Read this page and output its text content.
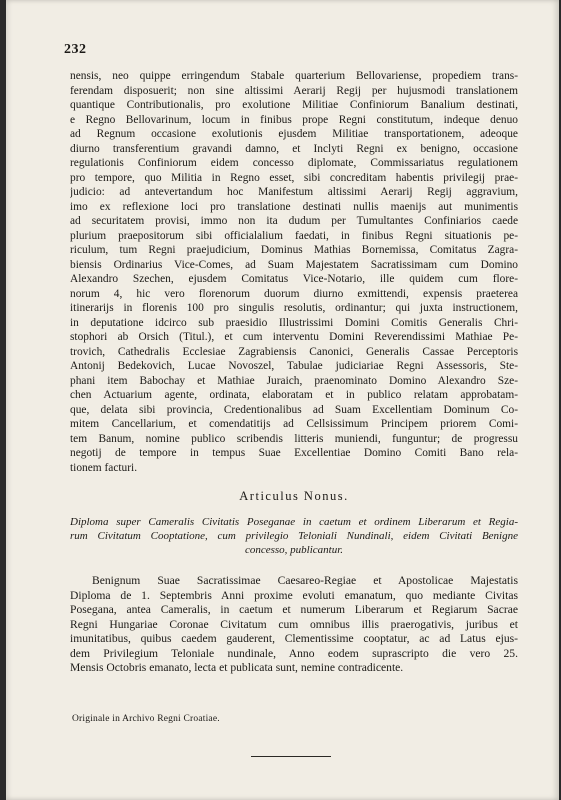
232
nensis, neo quippe erringendum Stabale quarterium Bellovariense, propediem trans-
ferendam disposuerit; non sine altissimi Aerarij Regij per hujusmodi translationem
quantique Contributionalis, pro exolutione Militiae Confiniorum Banalium destinati,
e Regno Bellovarinum, locum in finibus prope Regni constitutum, indeque denuo
ad Regnum occasione exolutionis ejusdem Militiae transportationem, adeoque
diurno transferentium gravandi damno, et Inclyti Regni ex benigno, occasione
regulationis Confiniorum eidem concesso diplomate, Commissariatus regulationem
pro tempore, quo Militia in Regno esset, sibi concreditam habentis privilegij prae-
judicio: ad antevertandum hoc Manifestum altissimi Aerarij Regij aggravium,
imo ex reflexione loci pro translatione destinati nullis maenijs aut munimentis
ad securitatem provisi, immo non ita dudum per Tumultantes Confiniarios caede
plurium praepositorum sibi officialalium faedati, in finibus Regni situationis pe-
riculum, tum Regni praejudicium, Dominus Mathias Bornemissa, Comitatus Zagra-
biensis Ordinarius Vice-Comes, ad Suam Majestatem Sacratissimam cum Domino
Alexandro Szechen, ejusdem Comitatus Vice-Notario, ille quidem cum flore-
norum 4, hic vero florenorum duorum diurno exmittendi, expensis praeterea
itinerarijs in florenis 100 pro singulis resolutis, ordinantur; qui juxta instructionem,
in deputatione idcirco sub praesidio Illustrissimi Domini Comitis Generalis Chri-
stophori ab Orsich (Titul.), et cum interventu Domini Reverendissimi Mathiae Pe-
trovich, Cathedralis Ecclesiae Zagrabiensis Canonici, Generalis Cassae Perceptoris
Antonij Bedekovich, Lucae Novoszel, Tabulae judiciariae Regni Assessoris, Ste-
phani item Babochay et Mathiae Juraich, praenominato Domino Alexandro Sze-
chen Actuarium agente, ordinata, elaboratam et in publico relatam approbatam-
que, delata sibi provincia, Credentionalibus ad Suam Excellentiam Dominum Co-
mitem Cancellarium, et comendatitijs ad Cellsissimum Principem priorem Comi-
tem Banum, nomine publico scribendis litteris muniendi, funguntur; de progressu
negotij de tempore in tempus Suae Excellentiae Domino Comiti Bano rela-
tionem facturi.
Articulus Nonus.
Diploma super Cameralis Civitatis Poseganae in caetum et ordinem Liberarum et Regia-
rum Civitatum Cooptatione, cum privilegio Teloniali Nundinali, eidem Civitati Benigne
concesso, publicantur.
Benignum Suae Sacratissimae Caesareo-Regiae et Apostolicae Majestatis
Diploma de 1. Septembris Anni proxime evoluti emanatum, quo mediante Civitas
Posegana, antea Cameralis, in caetum et numerum Liberarum et Regiarum Sacrae
Regni Hungariae Coronae Civitatum cum omnibus illis praerogativis, juribus et
imunitatibus, quibus caedem gauderent, Clementissime cooptatur, ac ad Latus ejus-
dem Privilegium Teloniale nundinale, Anno eodem suprascripto die vero 25.
Mensis Octobris emanato, lecta et publicata sunt, nemine contradicente.
Originale in Archivo Regni Croatiae.
